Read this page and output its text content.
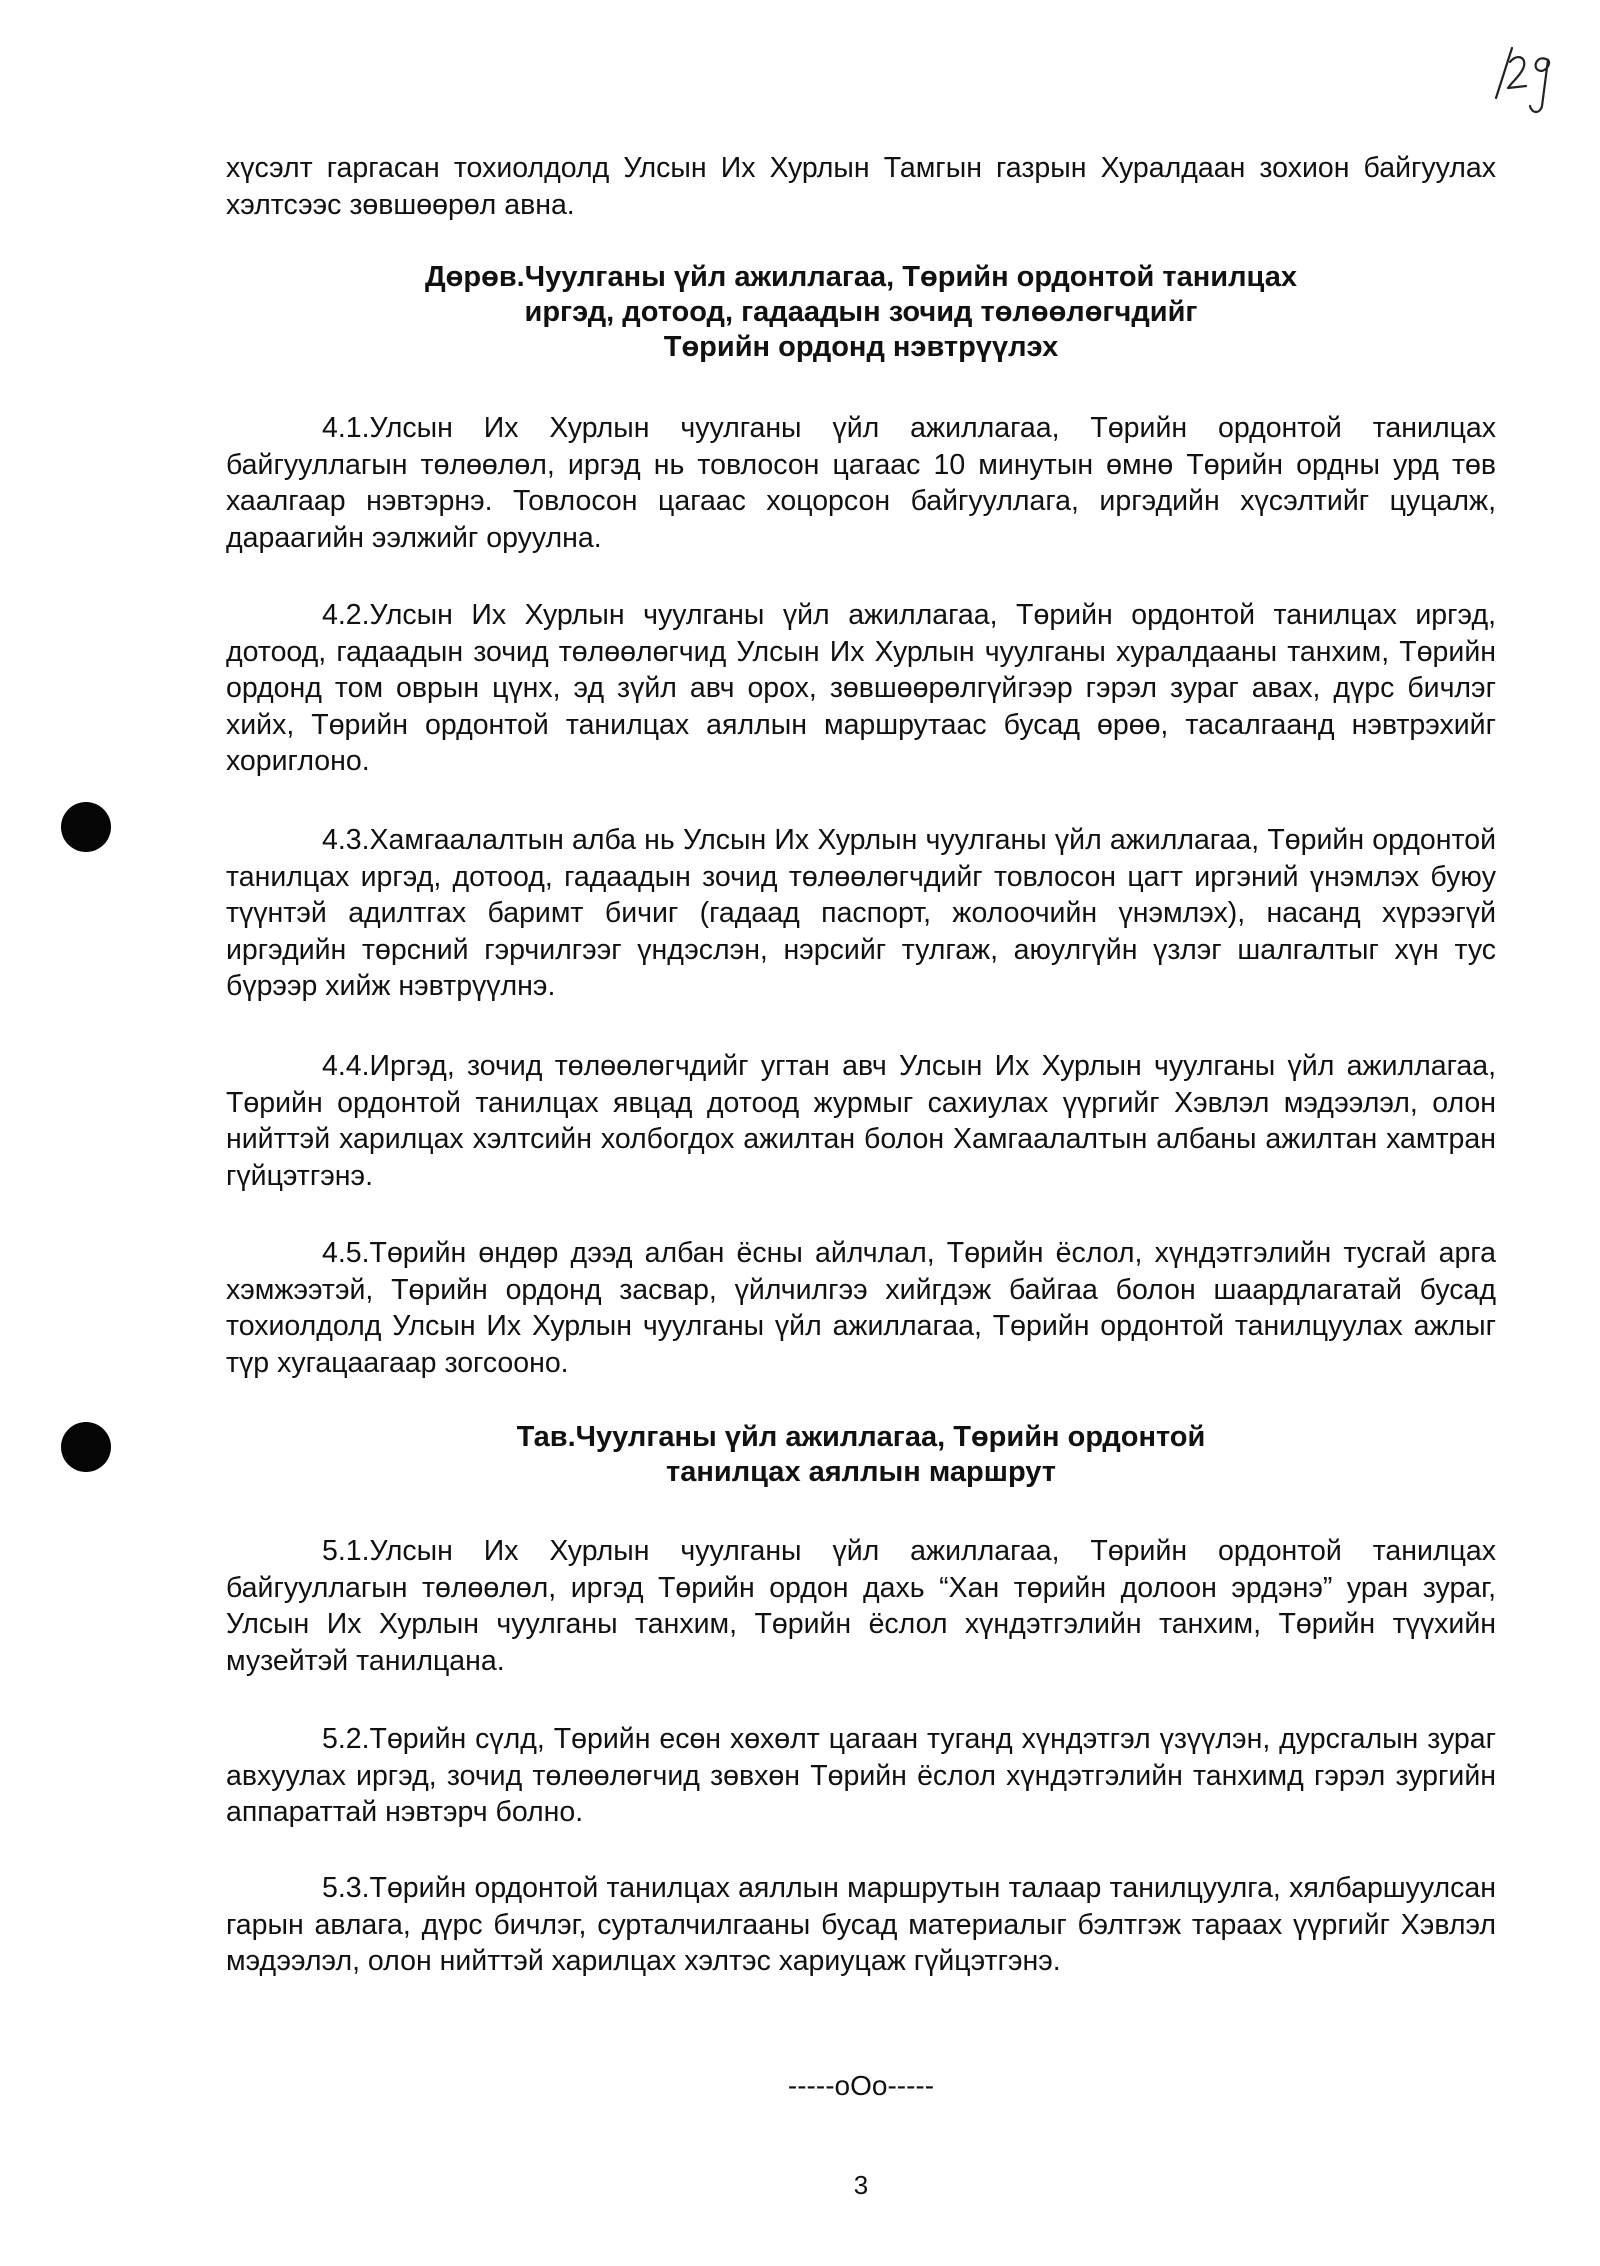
хүсэлт гаргасан тохиолдолд Улсын Их Хурлын Тамгын газрын Хуралдаан зохион байгуулах хэлтсээс зөвшөөрөл авна.

Дөрөв.Чуулганы үйл ажиллагаа, Төрийн ордонтой танилцах
иргэд, дотоод, гадаадын зочид төлөөлөгчдийг
Төрийн ордонд нэвтрүүлэх

4.1.Улсын Их Хурлын чуулганы үйл ажиллагаа, Төрийн ордонтой танилцах байгууллагын төлөөлөл, иргэд нь товлосон цагаас 10 минутын өмнө Төрийн ордны урд төв хаалгаар нэвтэрнэ. Товлосон цагаас хоцорсон байгууллага, иргэдийн хүсэлтийг цуцалж, дараагийн ээлжийг оруулна.

4.2.Улсын Их Хурлын чуулганы үйл ажиллагаа, Төрийн ордонтой танилцах иргэд, дотоод, гадаадын зочид төлөөлөгчид Улсын Их Хурлын чуулганы хуралдааны танхим, Төрийн ордонд том оврын цүнх, эд зүйл авч орох, зөвшөөрөлгүйгээр гэрэл зураг авах, дүрс бичлэг хийх, Төрийн ордонтой танилцах аяллын маршрутаас бусад өрөө, тасалгаанд нэвтрэхийг хориглоно.

4.3.Хамгаалалтын алба нь Улсын Их Хурлын чуулганы үйл ажиллагаа, Төрийн ордонтой танилцах иргэд, дотоод, гадаадын зочид төлөөлөгчдийг товлосон цагт иргэний үнэмлэх буюу түүнтэй адилтгах баримт бичиг (гадаад паспорт, жолоочийн үнэмлэх), насанд хүрээгүй иргэдийн төрсний гэрчилгээг үндэслэн, нэрсийг тулгаж, аюулгүйн үзлэг шалгалтыг хүн тус бүрээр хийж нэвтрүүлнэ.

4.4.Иргэд, зочид төлөөлөгчдийг угтан авч Улсын Их Хурлын чуулганы үйл ажиллагаа, Төрийн ордонтой танилцах явцад дотоод журмыг сахиулах үүргийг Хэвлэл мэдээлэл, олон нийттэй харилцах хэлтсийн холбогдох ажилтан болон Хамгаалалтын албаны ажилтан хамтран гүйцэтгэнэ.

4.5.Төрийн өндөр дээд албан ёсны айлчлал, Төрийн ёслол, хүндэтгэлийн тусгай арга хэмжээтэй, Төрийн ордонд засвар, үйлчилгээ хийгдэж байгаа болон шаардлагатай бусад тохиолдолд Улсын Их Хурлын чуулганы үйл ажиллагаа, Төрийн ордонтой танилцуулах ажлыг түр хугацаагаар зогсооно.

Тав.Чуулганы үйл ажиллагаа, Төрийн ордонтой
танилцах аяллын маршрут

5.1.Улсын Их Хурлын чуулганы үйл ажиллагаа, Төрийн ордонтой танилцах байгууллагын төлөөлөл, иргэд Төрийн ордон дахь “Хан төрийн долоон эрдэнэ” уран зураг, Улсын Их Хурлын чуулганы танхим, Төрийн ёслол хүндэтгэлийн танхим, Төрийн түүхийн музейтэй танилцана.

5.2.Төрийн сүлд, Төрийн есөн хөхөлт цагаан туганд хүндэтгэл үзүүлэн, дурсгалын зураг авхуулах иргэд, зочид төлөөлөгчид зөвхөн Төрийн ёслол хүндэтгэлийн танхимд гэрэл зургийн аппараттай нэвтэрч болно.

5.3.Төрийн ордонтой танилцах аяллын маршрутын талаар танилцуулга, хялбаршуулсан гарын авлага, дүрс бичлэг, сурталчилгааны бусад материалыг бэлтгэж тараах үүргийг Хэвлэл мэдээлэл, олон нийттэй харилцах хэлтэс хариуцаж гүйцэтгэнэ.

-----oOo-----
3
